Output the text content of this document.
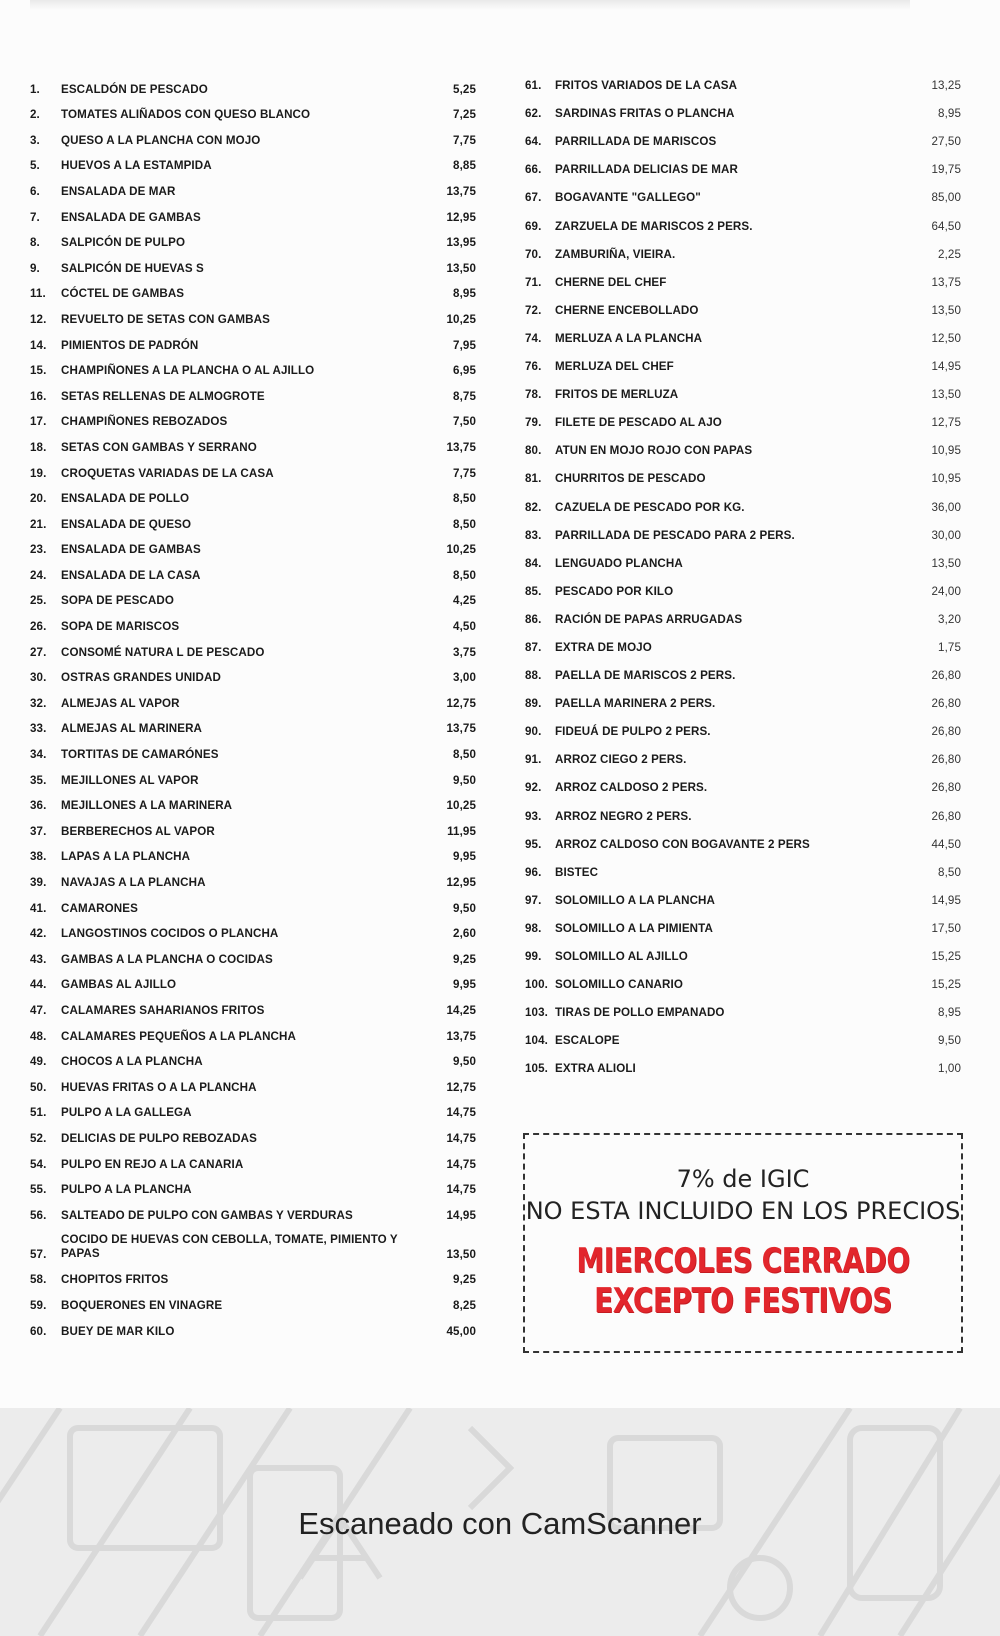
1.	ESCALDÓN DE PESCADO	5,25
2.	TOMATES ALIÑADOS CON QUESO BLANCO	7,25
3.	QUESO A LA PLANCHA CON MOJO	7,75
5.	HUEVOS A LA ESTAMPIDA	8,85
6.	ENSALADA DE MAR	13,75
7.	ENSALADA DE GAMBAS	12,95
8.	SALPICÓN DE PULPO	13,95
9.	SALPICÓN DE HUEVAS S	13,50
11.	CÓCTEL DE GAMBAS	8,95
12.	REVUELTO DE SETAS CON GAMBAS	10,25
14.	PIMIENTOS DE PADRÓN	7,95
15.	CHAMPIÑONES A LA PLANCHA O AL AJILLO	6,95
16.	SETAS RELLENAS DE ALMOGROTE	8,75
17.	CHAMPIÑONES REBOZADOS	7,50
18.	SETAS CON GAMBAS Y SERRANO	13,75
19.	CROQUETAS VARIADAS DE LA CASA	7,75
20.	ENSALADA DE POLLO	8,50
21.	ENSALADA DE QUESO	8,50
23.	ENSALADA DE GAMBAS	10,25
24.	ENSALADA DE LA CASA	8,50
25.	SOPA DE PESCADO	4,25
26.	SOPA DE MARISCOS	4,50
27.	CONSOMÉ NATURA L DE PESCADO	3,75
30.	OSTRAS GRANDES UNIDAD	3,00
32.	ALMEJAS AL VAPOR	12,75
33.	ALMEJAS AL MARINERA	13,75
34.	TORTITAS DE CAMARÓNES	8,50
35.	MEJILLONES AL VAPOR	9,50
36.	MEJILLONES A LA MARINERA	10,25
37.	BERBERECHOS AL VAPOR	11,95
38.	LAPAS A LA PLANCHA	9,95
39.	NAVAJAS A LA PLANCHA	12,95
41.	CAMARONES	9,50
42.	LANGOSTINOS COCIDOS O PLANCHA	2,60
43.	GAMBAS A LA PLANCHA O COCIDAS	9,25
44.	GAMBAS AL AJILLO	9,95
47.	CALAMARES SAHARIANOS FRITOS	14,25
48.	CALAMARES PEQUEÑOS A LA PLANCHA	13,75
49.	CHOCOS A LA PLANCHA	9,50
50.	HUEVAS FRITAS O A LA PLANCHA	12,75
51.	PULPO A LA GALLEGA	14,75
52.	DELICIAS DE PULPO REBOZADAS	14,75
54.	PULPO EN REJO A LA CANARIA	14,75
55.	PULPO A LA PLANCHA	14,75
56.	SALTEADO DE PULPO CON GAMBAS Y VERDURAS	14,95
57.
COCIDO DE HUEVAS CON CEBOLLA, TOMATE, PIMIENTO Y PAPAS	13,50
58.	CHOPITOS FRITOS	9,25
59.	BOQUERONES EN VINAGRE	8,25
60.	BUEY DE MAR KILO	45,00
61.	FRITOS VARIADOS DE LA CASA	13,25
62.	SARDINAS FRITAS O PLANCHA	8,95
64.	PARRILLADA DE MARISCOS	27,50
66.	PARRILLADA DELICIAS DE MAR	19,75
67.	BOGAVANTE "GALLEGO"	85,00
69.	ZARZUELA DE MARISCOS 2 PERS.	64,50
70.	ZAMBURIÑA, VIEIRA.	2,25
71.	CHERNE DEL CHEF	13,75
72.	CHERNE ENCEBOLLADO	13,50
74.	MERLUZA A LA PLANCHA	12,50
76.	MERLUZA DEL CHEF	14,95
78.	FRITOS DE MERLUZA	13,50
79.	FILETE DE PESCADO AL AJO	12,75
80.	ATUN EN MOJO ROJO CON PAPAS	10,95
81.	CHURRITOS DE PESCADO	10,95
82.	CAZUELA DE PESCADO POR KG.	36,00
83.	PARRILLADA DE PESCADO PARA 2 PERS.	30,00
84.	LENGUADO PLANCHA	13,50
85.	PESCADO POR KILO	24,00
86.	RACIÓN DE PAPAS ARRUGADAS	3,20
87.	EXTRA DE MOJO	1,75
88.	PAELLA DE MARISCOS 2 PERS.	26,80
89.	PAELLA MARINERA 2 PERS.	26,80
90.	FIDEUÁ DE PULPO 2 PERS.	26,80
91.	ARROZ CIEGO 2 PERS.	26,80
92.	ARROZ CALDOSO 2 PERS.	26,80
93.	ARROZ NEGRO 2 PERS.	26,80
95.	ARROZ CALDOSO CON BOGAVANTE 2 PERS	44,50
96.	BISTEC	8,50
97.	SOLOMILLO A LA PLANCHA	14,95
98.	SOLOMILLO A LA PIMIENTA	17,50
99.	SOLOMILLO AL AJILLO	15,25
100. SOLOMILLO CANARIO	15,25
103. TIRAS DE POLLO EMPANADO	8,95
104. ESCALOPE	9,50
105. EXTRA ALIOLI	1,00
7% de IGIC
NO ESTA INCLUIDO EN LOS PRECIOS
MIERCOLES CERRADO
EXCEPTO FESTIVOS
Escaneado con CamScanner
